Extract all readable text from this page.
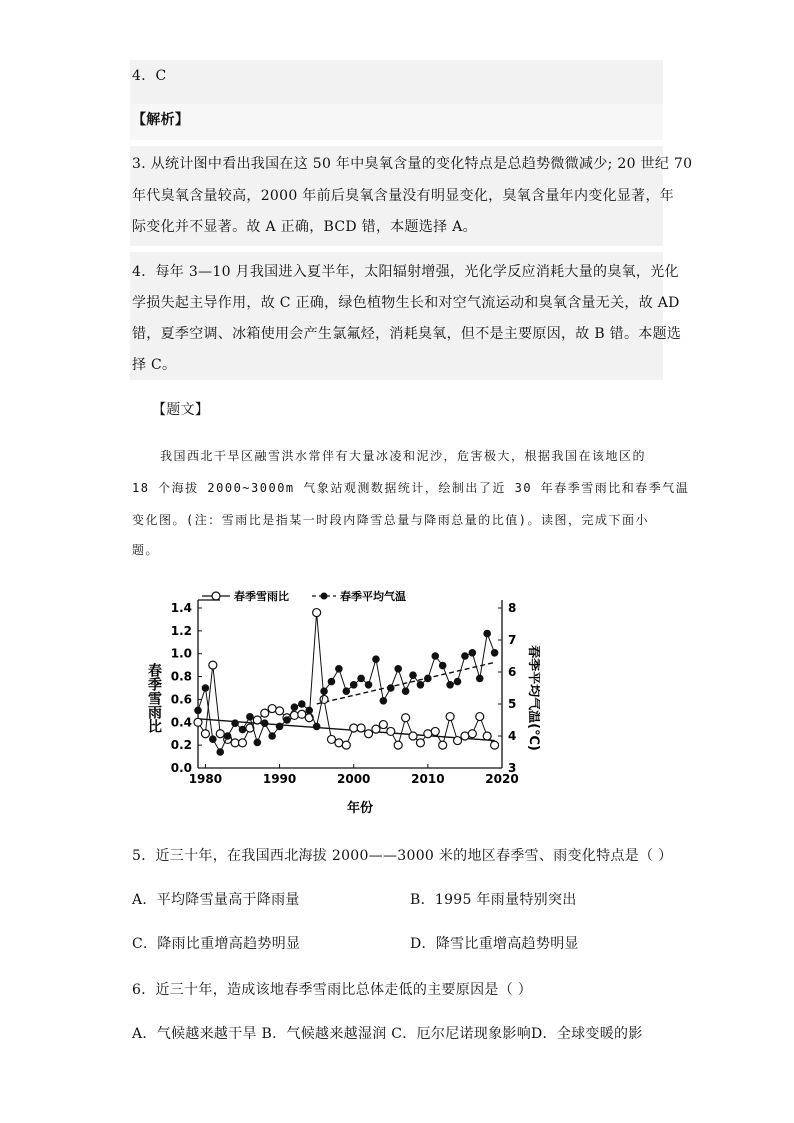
4．C
【解析】
3. 从统计图中看出我国在这 50 年中臭氧含量的变化特点是总趋势微微减少; 20 世纪 70
年代臭氧含量较高，2000 年前后臭氧含量没有明显变化，臭氧含量年内变化显著，年
际变化并不显著。故 A 正确，BCD 错，本题选择 A。
4．每年 3—10 月我国进入夏半年，太阳辐射增强，光化学反应消耗大量的臭氧，光化
学损失起主导作用，故 C 正确，绿色植物生长和对空气流运动和臭氧含量无关，故 AD
错，夏季空调、冰箱使用会产生氯氟烃，消耗臭氧，但不是主要原因，故 B 错。本题选
择 C。
【题文】
我国西北干旱区融雪洪水常伴有大量冰凌和泥沙，危害极大，根据我国在该地区的
18 个海拔 2000~3000m 气象站观测数据统计，绘制出了近 30 年春季雪雨比和春季气温
变化图。(注：雪雨比是指某一时段内降雪总量与降雨总量的比值)。读图，完成下面小
题。
春季雪雨比	春季平均气温
0.0
0.2
0.4
0.6
0.8
1.0
1.2
1.4
3
4
5
6
7
8
1980	1990	2000	2010	2020
春季雪雨比	春季平均气温(℃)
年份
5．近三十年，在我国西北海拔 2000——3000 米的地区春季雪、雨变化特点是（ ）
A．平均降雪量高于降雨量	B．1995 年雨量特别突出
C．降雨比重增高趋势明显	D．降雪比重增高趋势明显
6．近三十年，造成该地春季雪雨比总体走低的主要原因是（ ）
A．气候越来越干旱 B．气候越来越湿润 C．厄尔尼诺现象影响D．全球变暖的影
